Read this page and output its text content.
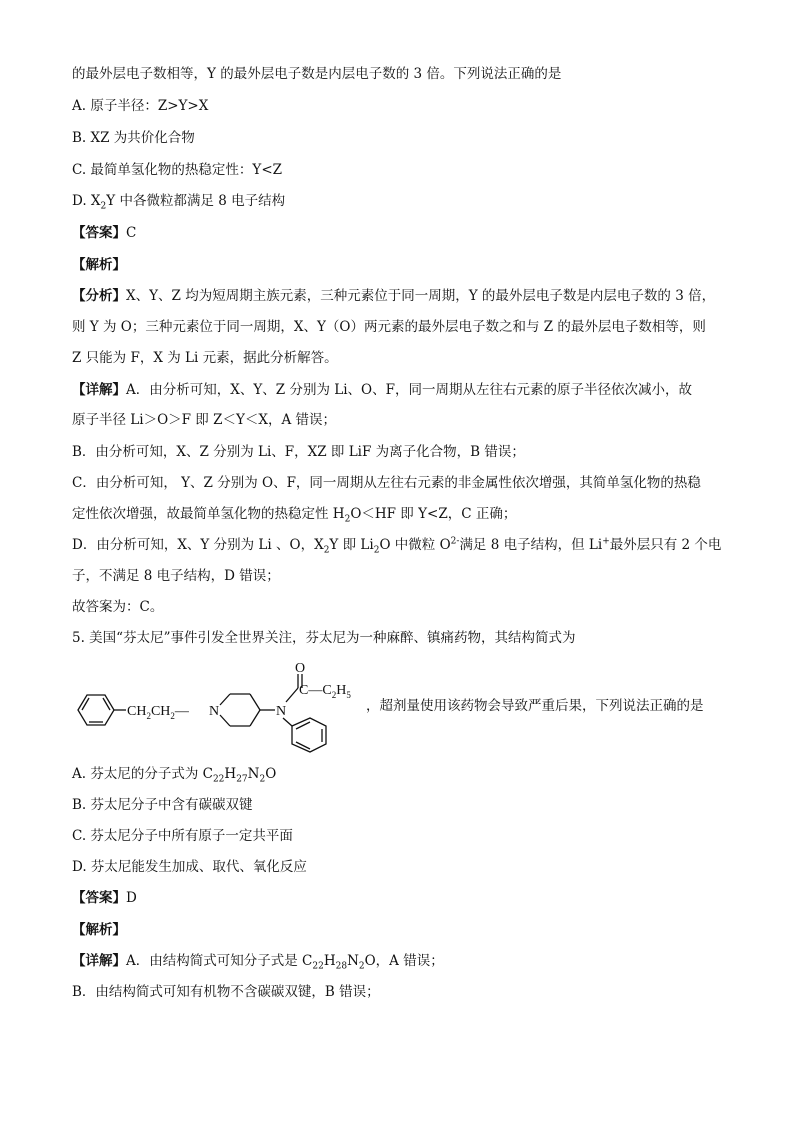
的最外层电子数相等，Y 的最外层电子数是内层电子数的 3 倍。下列说法正确的是
A. 原子半径：Z>Y>X
B. XZ 为共价化合物
C. 最简单氢化物的热稳定性：Y<Z
D. $X_2Y$ 中各微粒都满足 8 电子结构
【答案】C
【解析】
【分析】X、Y、Z 均为短周期主族元素，三种元素位于同一周期，Y 的最外层电子数是内层电子数的 3 倍，
则 Y 为 O；三种元素位于同一周期，X、Y（O）两元素的最外层电子数之和与 Z 的最外层电子数相等，则
Z 只能为 F，X 为 Li 元素，据此分析解答。
【详解】A．由分析可知，X、Y、Z 分别为 Li、O、F，同一周期从左往右元素的原子半径依次减小，故
原子半径 Li＞O＞F 即 Z＜Y＜X，A 错误；
B．由分析可知，X、Z 分别为 Li、F，XZ 即 LiF 为离子化合物，B 错误；
C．由分析可知， Y、Z 分别为 O、F，同一周期从左往右元素的非金属性依次增强，其简单氢化物的热稳
定性依次增强，故最简单氢化物的热稳定性 $H_2O<HF$ 即 Y<Z，C 正确；
D．由分析可知，X、Y 分别为 Li 、O，$X_2Y$ 即 $Li_2O$ 中微粒 $O^{2-}$满足 8 电子结构，但 Li+最外层只有 2 个电
子，不满足 8 电子结构，D 错误；
故答案为：C。
5. 美国“芬太尼”事件引发全世界关注，芬太尼为一种麻醉、镇痛药物，其结构简式为
$CH_2CH_2—$ N	N
O
$C—C_2H_5$
，超剂量使用该药物会导致严重后果，下列说法正确的是
A. 芬太尼的分子式为 $C_{22}H_{27}N_2O$
B. 芬太尼分子中含有碳碳双键
C. 芬太尼分子中所有原子一定共平面
D. 芬太尼能发生加成、取代、氧化反应
【答案】D
【解析】
【详解】A．由结构简式可知分子式是 $C_{22}H_{28}N_2O$，A 错误；
B．由结构简式可知有机物不含碳碳双键，B 错误；
